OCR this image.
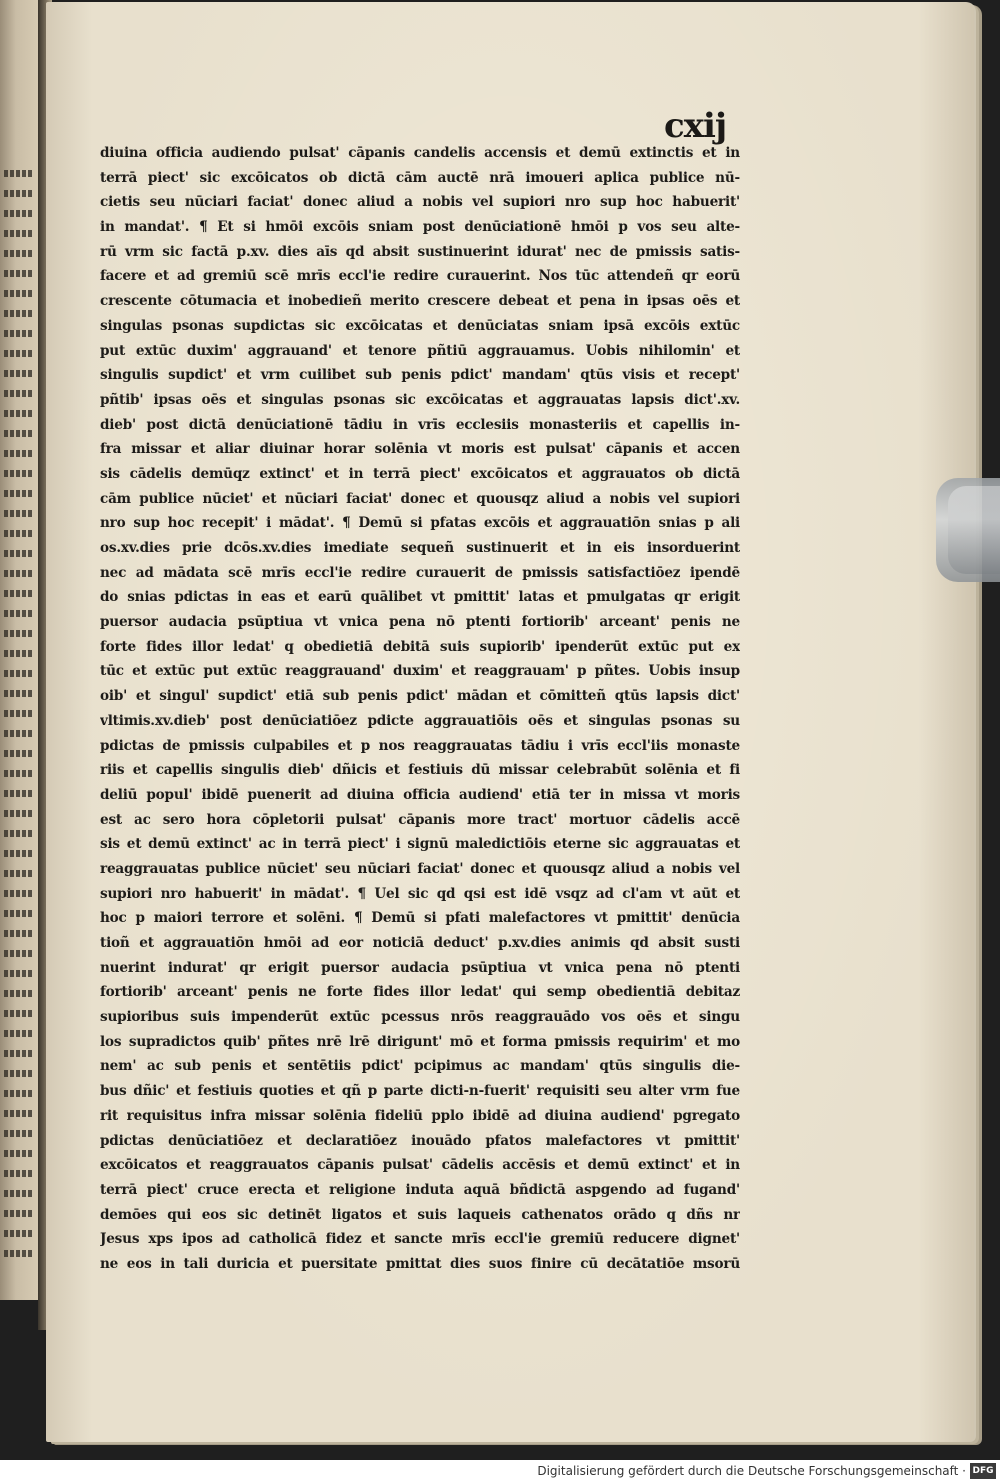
cxij
diuina officia audiendo pulsat' cāpanis candelis accensis et demū extinctis et in
terrā piect' sic excōicatos ob dictā cām auctē nrā imoueri aplica publice nū-
cietis seu nūciari faciat' donec aliud a nobis vel supiori nro sup hoc habuerit'
in mandat'. ¶ Et si hmōi excōis sniam post denūciationē hmōi p vos seu alte-
rū vrm sic factā p.xv. dies aīs qd absit sustinuerint idurat' nec de pmissis satis-
facere et ad gremiū scē mrīs eccl'ie redire curauerint. Nos tūc attendeñ qr eorū
crescente cōtumacia et inobedieñ merito crescere debeat et pena in ipsas oēs et
singulas psonas supdictas sic excōicatas et denūciatas sniam ipsā excōis extūc
put extūc duxim' aggrauand' et tenore pñtiū aggrauamus. Uobis nihilomin' et
singulis supdict' et vrm cuilibet sub penis pdict' mandam' qtūs visis et recept'
pñtib' ipsas oēs et singulas psonas sic excōicatas et aggrauatas lapsis dict'.xv.
dieb' post dictā denūciationē tādiu in vrīs ecclesiis monasteriis et capellis in-
fra missar et aliar diuinar horar solēnia vt moris est pulsat' cāpanis et accen
sis cādelis demūqz extinct' et in terrā piect' excōicatos et aggrauatos ob dictā
cām publice nūciet' et nūciari faciat' donec et quousqz aliud a nobis vel supiori
nro sup hoc recepit' i mādat'. ¶ Demū si pfatas excōis et aggrauatiōn snias p ali
os.xv.dies prie dcōs.xv.dies imediate sequeñ sustinuerit et in eis insorduerint
nec ad mādata scē mrīs eccl'ie redire curauerit de pmissis satisfactiōez ipendē
do snias pdictas in eas et earū quālibet vt pmittit' latas et pmulgatas qr erigit
puersor audacia psūptiua vt vnica pena nō ptenti fortiorib' arceant' penis ne
forte fides illor ledat' q obedietiā debitā suis supiorib' ipenderūt extūc put ex
tūc et extūc put extūc reaggrauand' duxim' et reaggrauam' p pñtes. Uobis insup
oib' et singul' supdict' etiā sub penis pdict' mādan et cōmitteñ qtūs lapsis dict'
vltimis.xv.dieb' post denūciatiōez pdicte aggrauatiōis oēs et singulas psonas su
pdictas de pmissis culpabiles et p nos reaggrauatas tādiu i vrīs eccl'iis monaste
riis et capellis singulis dieb' dñicis et festiuis dū missar celebrabūt solēnia et fi
deliū popul' ibidē puenerit ad diuina officia audiend' etiā ter in missa vt moris
est ac sero hora cōpletorii pulsat' cāpanis more tract' mortuor cādelis accē
sis et demū extinct' ac in terrā piect' i signū maledictiōis eterne sic aggrauatas et
reaggrauatas publice nūciet' seu nūciari faciat' donec et quousqz aliud a nobis vel
supiori nro habuerit' in mādat'. ¶ Uel sic qd qsi est idē vsqz ad cl'am vt aūt et
hoc p maiori terrore et solēni. ¶ Demū si pfati malefactores vt pmittit' denūcia
tioñ et aggrauatiōn hmōi ad eor noticiā deduct' p.xv.dies animis qd absit susti
nuerint indurat' qr erigit puersor audacia psūptiua vt vnica pena nō ptenti
fortiorib' arceant' penis ne forte fides illor ledat' qui semp obedientiā debitaz
supioribus suis impenderūt extūc pcessus nrōs reaggrauādo vos oēs et singu
los supradictos quib' pñtes nrē lrē dirigunt' mō et forma pmissis requirim' et mo
nem' ac sub penis et sentētiis pdict' pcipimus ac mandam' qtūs singulis die-
bus dñic' et festiuis quoties et qñ p parte dicti-n-fuerit' requisiti seu alter vrm fue
rit requisitus infra missar solēnia fideliū pplo ibidē ad diuina audiend' pgregato
pdictas denūciatiōez et declaratiōez inouādo pfatos malefactores vt pmittit'
excōicatos et reaggrauatos cāpanis pulsat' cādelis accēsis et demū extinct' et in
terrā piect' cruce erecta et religione induta aquā bñdictā aspgendo ad fugand'
demōes qui eos sic detinēt ligatos et suis laqueis cathenatos orādo q dñs nr
Jesus xps ipos ad catholicā fidez et sancte mrīs eccl'ie gremiū reducere dignet'
ne eos in tali duricia et puersitate pmittat dies suos finire cū decātatiōe msorū
Digitalisierung gefördert durch die Deutsche Forschungsgemeinschaft · DFG
